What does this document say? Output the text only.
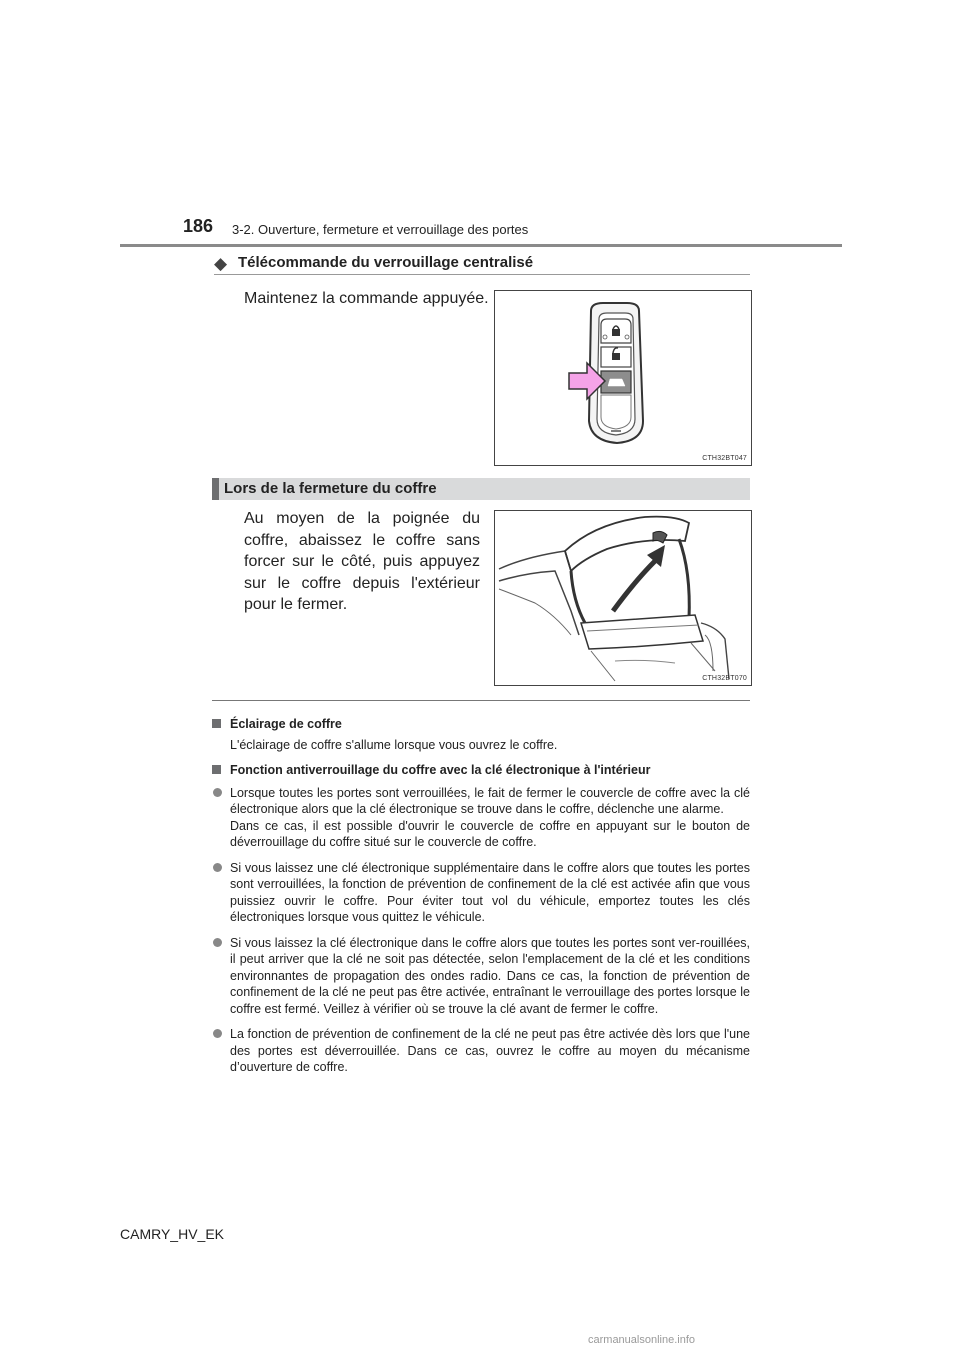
186 3-2. Ouverture, fermeture et verrouillage des portes
◆ Télécommande du verrouillage centralisé
Maintenez la commande appuyée.
CTH32BT047
Lors de la fermeture du coffre
Au moyen de la poignée du coffre, abaissez le coffre sans forcer sur le côté, puis appuyez sur le coffre depuis l'extérieur pour le fermer.
CTH32BT070
Éclairage de coffre
L'éclairage de coffre s'allume lorsque vous ouvrez le coffre.
Fonction antiverrouillage du coffre avec la clé électronique à l'intérieur

Lorsque toutes les portes sont verrouillées, le fait de fermer le couvercle de coffre avec la clé électronique alors que la clé électronique se trouve dans le coffre, déclenche une alarme.

Dans ce cas, il est possible d'ouvrir le couvercle de coffre en appuyant sur le bouton de déverrouillage du coffre situé sur le couvercle de coffre.

Si vous laissez une clé électronique supplémentaire dans le coffre alors que toutes les portes sont verrouillées, la fonction de prévention de confinement de la clé est activée afin que vous puissiez ouvrir le coffre. Pour éviter tout vol du véhicule, emportez toutes les clés électroniques lorsque vous quittez le véhicule.

Si vous laissez la clé électronique dans le coffre alors que toutes les portes sont ver-rouillées, il peut arriver que la clé ne soit pas détectée, selon l'emplacement de la clé et les conditions environnantes de propagation des ondes radio. Dans ce cas, la fonction de prévention de confinement de la clé ne peut pas être activée, entraînant le verrouillage des portes lorsque le coffre est fermé. Veillez à vérifier où se trouve la clé avant de fermer le coffre.

La fonction de prévention de confinement de la clé ne peut pas être activée dès lors que l'une des portes est déverrouillée. Dans ce cas, ouvrez le coffre au moyen du mécanisme d’ouverture de coffre.

CAMRY_HV_EK
carmanualsonline.info
